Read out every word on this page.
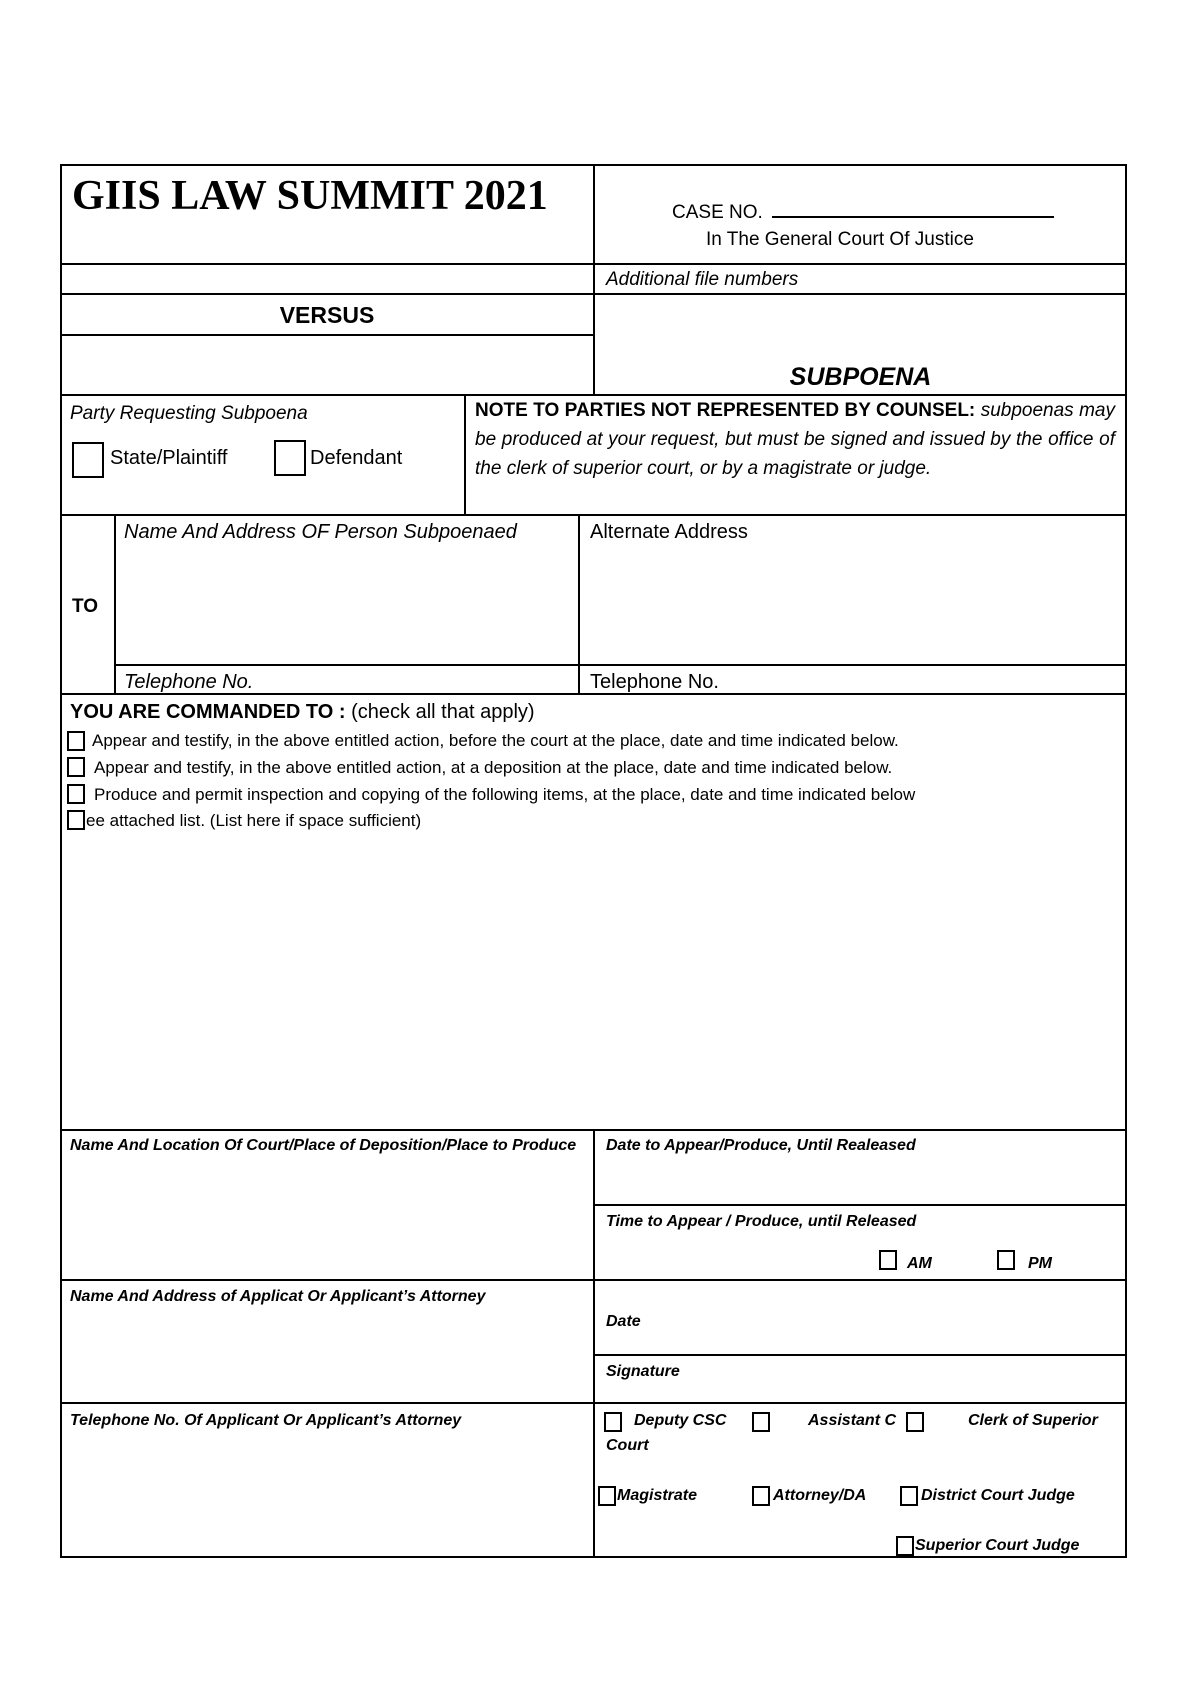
GIIS LAW SUMMIT 2021	CASE NO.
In The General Court Of Justice
Additional file numbers
VERSUS
SUBPOENA
Party Requesting Subpoena
State/Plaintiff	Defendant
NOTE TO PARTIES NOT REPRESENTED BY COUNSEL: subpoenas may be produced at your request, but must be signed and issued by the office of the clerk of superior court, or by a magistrate or judge.
TO
Name And Address OF Person Subpoenaed	Alternate Address
Telephone No.	Telephone No.
YOU ARE COMMANDED TO : (check all that apply)
Appear and testify, in the above entitled action, before the court at the place, date and time indicated below.
Appear and testify, in the above entitled action, at a deposition at the place, date and time indicated below.
Produce and permit inspection and copying of the following items, at the place, date and time indicated below
ee attached list. (List here if space sufficient)
Name And Location Of Court/Place of Deposition/Place to Produce	Date to Appear/Produce, Until Realeased
Time to Appear / Produce, until Released
AM	PM
Name And Address of Applicat Or Applicant’s Attorney
Date
Signature
Telephone No. Of Applicant Or Applicant’s Attorney	Deputy CSC	Assistant C	Clerk of Superior
Court
Magistrate	Attorney/DA	District Court Judge
Superior Court Judge
